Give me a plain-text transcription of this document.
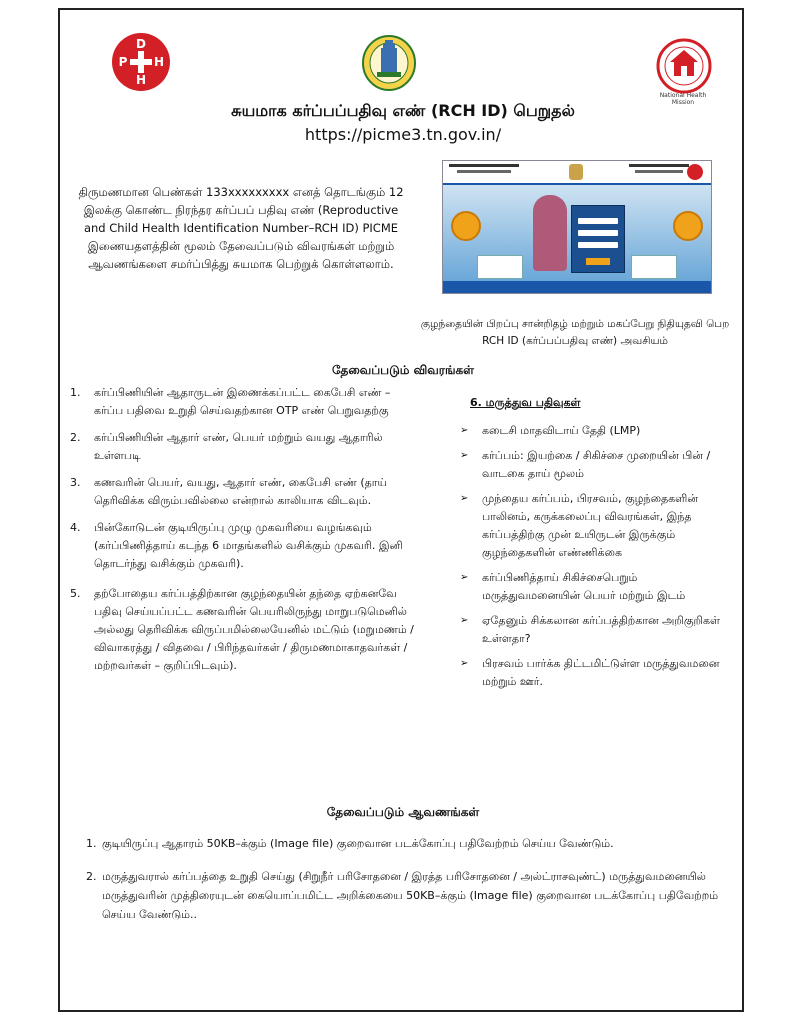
D
P H
H
National Health Mission
சுயமாக கர்ப்பப்பதிவு எண் (RCH ID) பெறுதல்
https://picme3.tn.gov.in/
திருமணமான பெண்கள் 133xxxxxxxxx எனத் தொடங்கும் 12 இலக்கு கொண்ட நிரந்தர கர்ப்பப் பதிவு எண் (Reproductive and Child Health Identification Number–RCH ID) PICME இணையதளத்தின் மூலம் தேவைப்படும் விவரங்கள் மற்றும் ஆவணங்களை சமர்ப்பித்து சுயமாக பெற்றுக் கொள்ளலாம்.
குழந்தையின் பிறப்பு சான்றிதழ் மற்றும் மகப்பேறு நிதியுதவி பெற RCH ID (கர்ப்பப்பதிவு எண்) அவசியம்
தேவைப்படும் விவரங்கள்
1. கர்ப்பிணியின் ஆதாருடன் இணைக்கப்பட்ட கைபேசி எண் – கர்ப்ப பதிவை உறுதி செய்வதற்கான OTP எண் பெறுவதற்கு
2. கர்ப்பிணியின் ஆதார் எண், பெயர் மற்றும் வயது ஆதாரில் உள்ளபடி
3. கணவரின் பெயர், வயது, ஆதார் எண், கைபேசி எண் (தாய் தெரிவிக்க விரும்பவில்லை என்றால் காலியாக விடவும்.
4. பின்கோடுடன் குடியிருப்பு முழு முகவரியை வழங்கவும் (கர்ப்பிணித்தாய் கடந்த 6 மாதங்களில் வசிக்கும் முகவரி. இனி தொடர்ந்து வசிக்கும் முகவரி).
5. தற்போதைய கர்ப்பத்திற்கான குழந்தையின் தந்தை ஏற்கனவே பதிவு செய்யப்பட்ட கணவரின் பெயரிலிருந்து மாறுபடுமெனில் அல்லது தெரிவிக்க விருப்பமில்லையேனில் மட்டும் (மறுமணம் / விவாகரத்து / விதவை / பிரிந்தவர்கள் / திருமணமாகாதவர்கள் / மற்றவர்கள் – குறிப்பிடவும்).
6. மருத்துவ பதிவுகள்
➢ கடைசி மாதவிடாய் தேதி (LMP)
➢ கர்ப்பம்: இயற்கை / சிகிச்சை முறையின் பின் / வாடகை தாய் மூலம்
➢ முந்தைய கர்ப்பம், பிரசவம், குழந்தைகளின் பாலினம், கருக்கலைப்பு விவரங்கள், இந்த கர்ப்பத்திற்கு முன் உயிருடன் இருக்கும் குழந்தைகளின் எண்ணிக்கை
➢ கர்ப்பிணித்தாய் சிகிச்சைபெறும் மருத்துவமனையின் பெயர் மற்றும் இடம்
➢ ஏதேனும் சிக்கலான கர்ப்பத்திற்கான அறிகுறிகள் உள்ளதா?
➢ பிரசவம் பார்க்க திட்டமிட்டுள்ள மருத்துவமனை மற்றும் ஊர்.
தேவைப்படும் ஆவணங்கள்

1. குடியிருப்பு ஆதாரம் 50KB–க்கும் (Image file) குறைவான படக்கோப்பு பதிவேற்றம் செய்ய வேண்டும்.

2. மருத்துவரால் கர்ப்பத்தை உறுதி செய்து (சிறுநீர் பரிசோதனை / இரத்த பரிசோதனை / அல்ட்ராசவுண்ட்) மருத்துவமனையில் மருத்துவரின் முத்திரையுடன் கையொப்பமிட்ட அறிக்கையை 50KB–க்கும் (Image file) குறைவான படக்கோப்பு பதிவேற்றம் செய்ய வேண்டும்..
